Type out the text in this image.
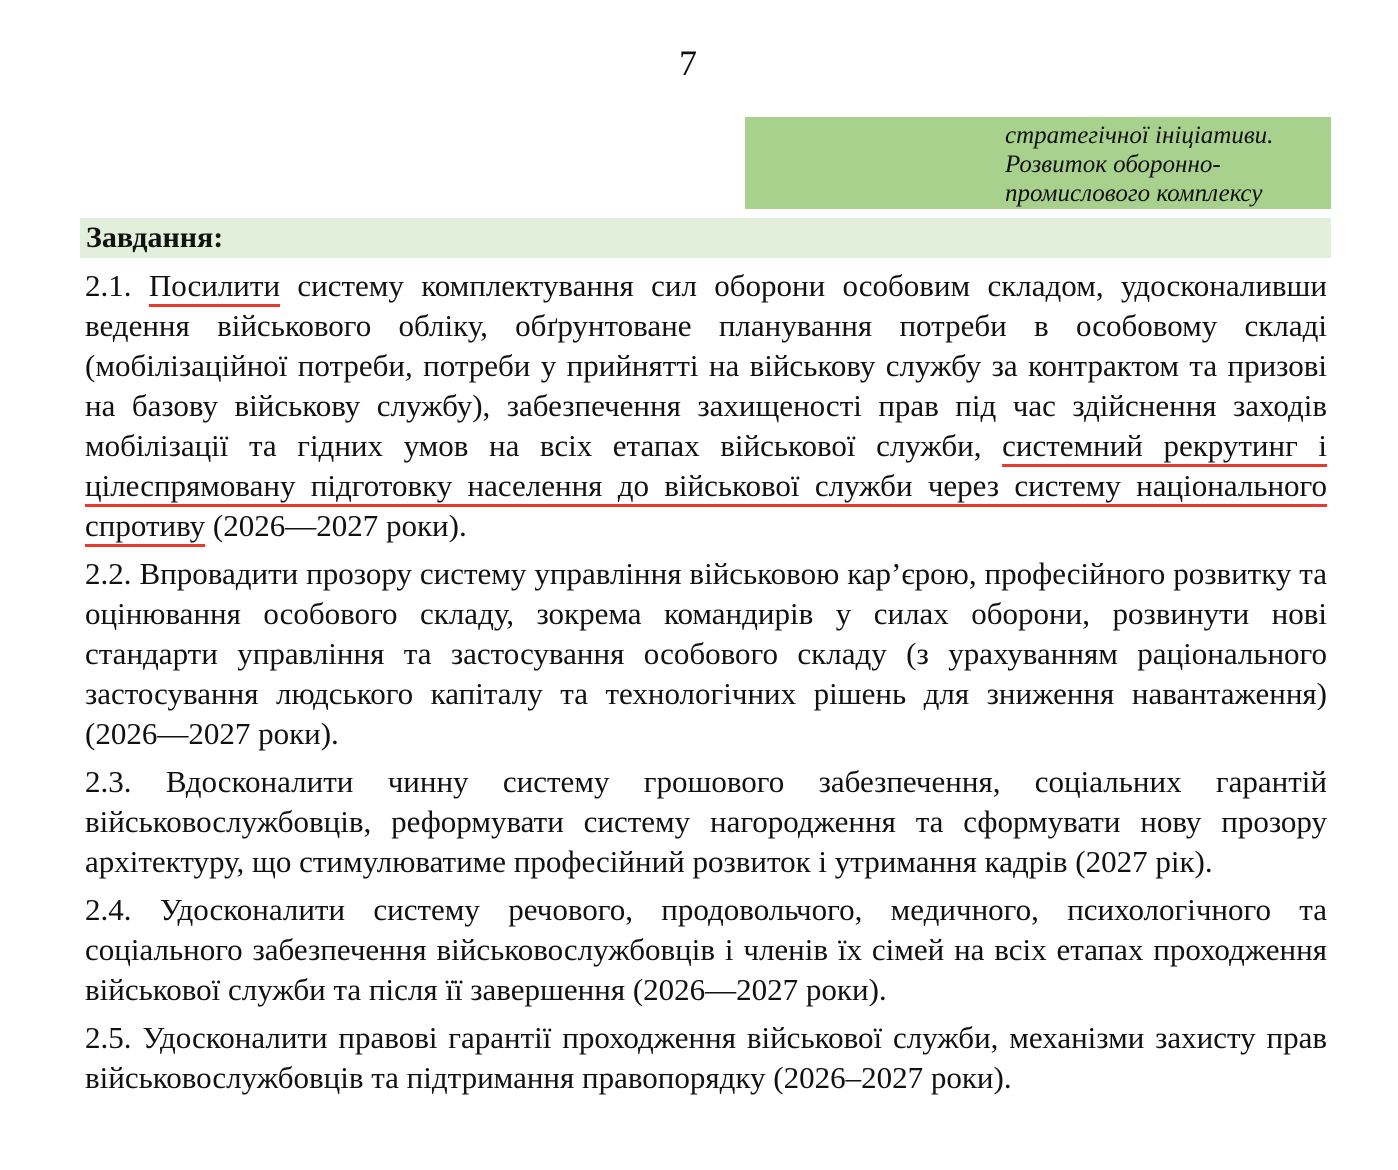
7
стратегічної ініціативи.
Розвиток оборонно-
промислового комплексу
Завдання:

2.1. Посилити систему комплектування сил оборони особовим складом, удосконаливши ведення військового обліку, обґрунтоване планування потреби в особовому складі (мобілізаційної потреби, потреби у прийнятті на військову службу за контрактом та призові на базову військову службу), забезпечення захищеності прав під час здійснення заходів мобілізації та гідних умов на всіх етапах військової служби, системний рекрутинг і цілеспрямовану підготовку населення до військової служби через систему національного спротиву (2026—2027 роки).

2.2. Впровадити прозору систему управління військовою кар’єрою, професійного розвитку та оцінювання особового складу, зокрема командирів у силах оборони, розвинути нові стандарти управління та застосування особового складу (з урахуванням раціонального застосування людського капіталу та технологічних рішень для зниження навантаження) (2026—2027 роки).

2.3. Вдосконалити чинну систему грошового забезпечення, соціальних гарантій військовослужбовців, реформувати систему нагородження та сформувати нову прозору архітектуру, що стимулюватиме професійний розвиток і утримання кадрів (2027 рік).

2.4. Удосконалити систему речового, продовольчого, медичного, психологічного та соціального забезпечення військовослужбовців і членів їх сімей на всіх етапах проходження військової служби та після її завершення (2026—2027 роки).

2.5. Удосконалити правові гарантії проходження військової служби, механізми захисту прав військовослужбовців та підтримання правопорядку (2026–2027 роки).
